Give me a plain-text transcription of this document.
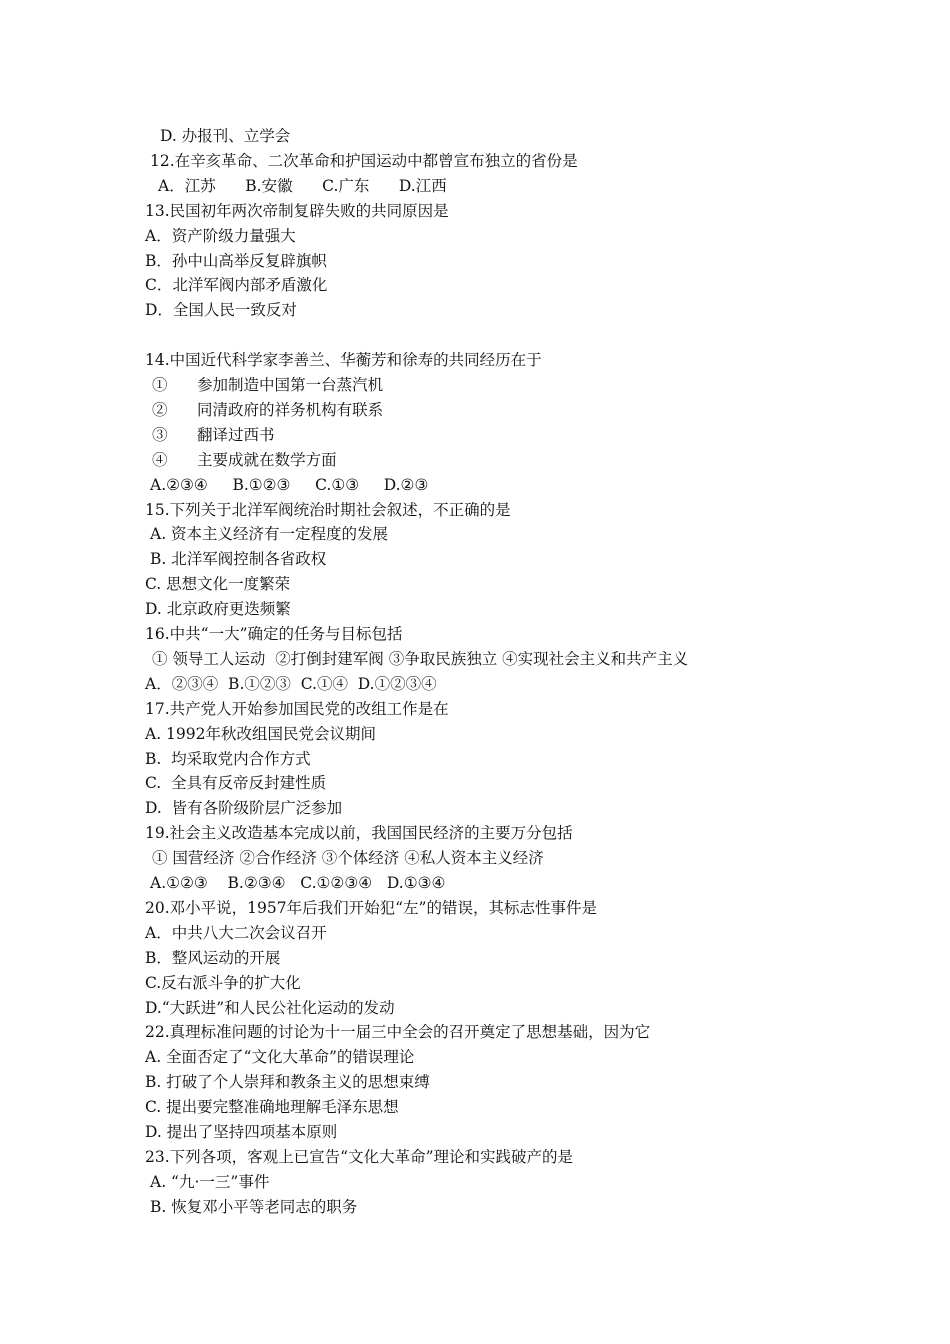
D. 办报刊、立学会
12.在辛亥革命、二次革命和护国运动中都曾宣布独立的省份是
A．江苏      B.安徽      C.广东      D.江西
13.民国初年两次帝制复辟失败的共同原因是
A．资产阶级力量强大
B．孙中山高举反复辟旗帜
C．北洋军阀内部矛盾激化
D．全国人民一致反对
14.中国近代科学家李善兰、华蘅芳和徐寿的共同经历在于
①      参加制造中国第一台蒸汽机
②      同清政府的祥务机构有联系
③      翻译过西书
④      主要成就在数学方面
A.②③④     B.①②③     C.①③     D.②③
15.下列关于北洋军阀统治时期社会叙述，不正确的是
A. 资本主义经济有一定程度的发展
B. 北洋军阀控制各省政权
C. 思想文化一度繁荣
D. 北京政府更迭频繁
16.中共“一大”确定的任务与目标包括
① 领导工人运动  ②打倒封建军阀 ③争取民族独立 ④实现社会主义和共产主义
A．②③④  B.①②③  C.①④  D.①②③④
17.共产党人开始参加国民党的改组工作是在
A. 1992年秋改组国民党会议期间
B.  均采取党内合作方式
C.  全具有反帝反封建性质
D.  皆有各阶级阶层广泛参加
19.社会主义改造基本完成以前，我国国民经济的主要万分包括
① 国营经济 ②合作经济 ③个体经济 ④私人资本主义经济
A.①②③    B.②③④   C.①②③④   D.①③④
20.邓小平说，1957年后我们开始犯“左”的错误，其标志性事件是
A．中共八大二次会议召开
B．整风运动的开展
C.反右派斗争的扩大化
D.“大跃进”和人民公社化运动的发动
22.真理标准问题的讨论为十一届三中全会的召开奠定了思想基础，因为它
A. 全面否定了“文化大革命”的错误理论
B. 打破了个人崇拜和教条主义的思想束缚
C. 提出要完整准确地理解毛泽东思想
D. 提出了坚持四项基本原则
23.下列各项，客观上已宣告“文化大革命”理论和实践破产的是
A. “九·一三”事件
B. 恢复邓小平等老同志的职务
